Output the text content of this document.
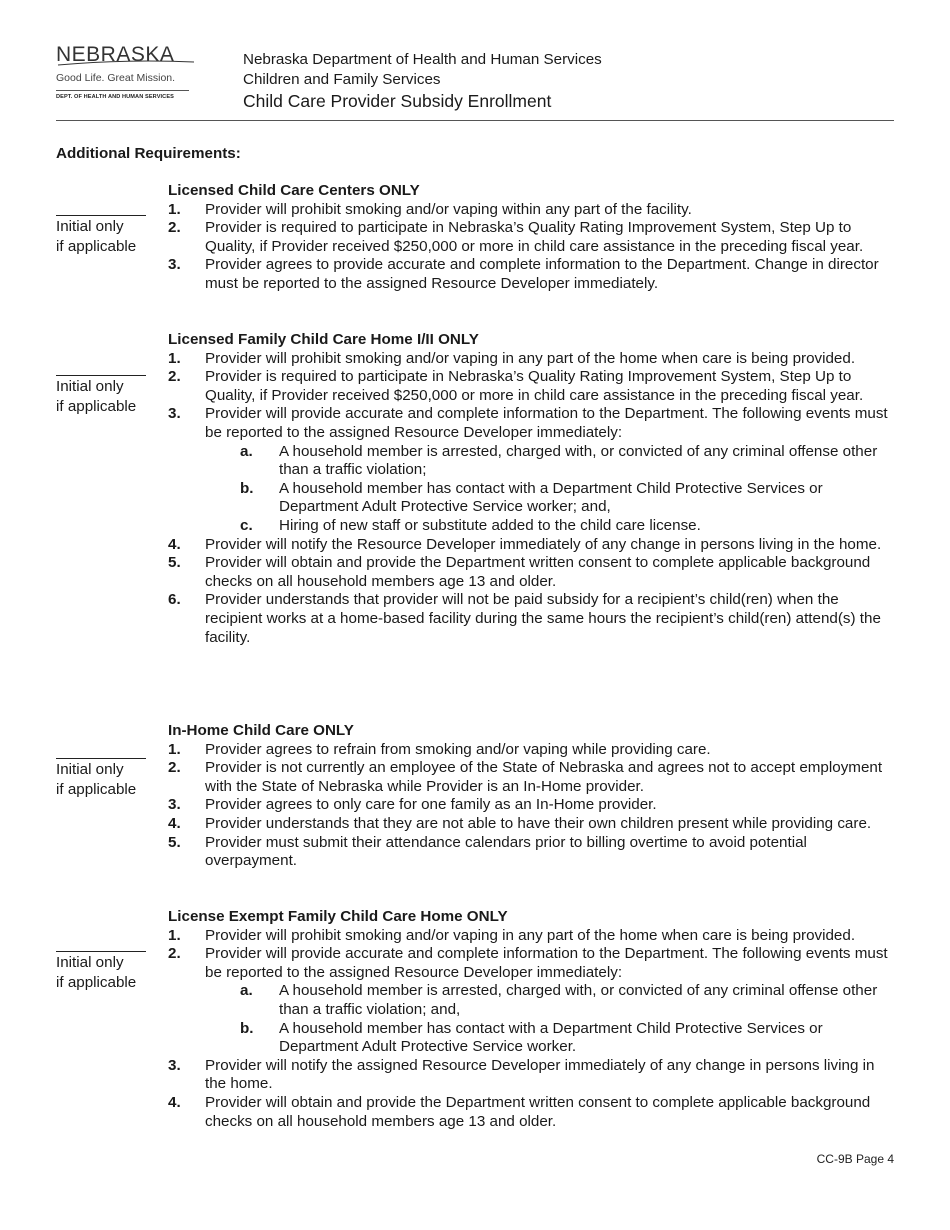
NEBRASKA
Good Life. Great Mission.
DEPT. OF HEALTH AND HUMAN SERVICES
Nebraska Department of Health and Human Services
Children and Family Services
Child Care Provider Subsidy Enrollment
Additional Requirements:
Initial only
if applicable
Initial only
if applicable
Initial only
if applicable
Initial only
if applicable
Licensed Child Care Centers ONLY
1. Provider will prohibit smoking and/or vaping within any part of the facility.
2. Provider is required to participate in Nebraska’s Quality Rating Improvement System, Step Up to Quality, if Provider received $250,000 or more in child care assistance in the preceding fiscal year.
3. Provider agrees to provide accurate and complete information to the Department. Change in director must be reported to the assigned Resource Developer immediately.
Licensed Family Child Care Home I/II ONLY
1. Provider will prohibit smoking and/or vaping in any part of the home when care is being provided.
2. Provider is required to participate in Nebraska’s Quality Rating Improvement System, Step Up to Quality, if Provider received $250,000 or more in child care assistance in the preceding fiscal year.
3. Provider will provide accurate and complete information to the Department. The following events must be reported to the assigned Resource Developer immediately:
a. A household member is arrested, charged with, or convicted of any criminal offense other than a traffic violation;
b. A household member has contact with a Department Child Protective Services or Department Adult Protective Service worker; and,
c. Hiring of new staff or substitute added to the child care license.
4. Provider will notify the Resource Developer immediately of any change in persons living in the home.
5. Provider will obtain and provide the Department written consent to complete applicable background checks on all household members age 13 and older.
6. Provider understands that provider will not be paid subsidy for a recipient’s child(ren) when the recipient works at a home-based facility during the same hours the recipient’s child(ren) attend(s) the facility.
In-Home Child Care ONLY
1. Provider agrees to refrain from smoking and/or vaping while providing care.
2. Provider is not currently an employee of the State of Nebraska and agrees not to accept employment with the State of Nebraska while Provider is an In-Home provider.
3. Provider agrees to only care for one family as an In-Home provider.
4. Provider understands that they are not able to have their own children present while providing care.
5. Provider must submit their attendance calendars prior to billing overtime to avoid potential overpayment.
License Exempt Family Child Care Home ONLY
1. Provider will prohibit smoking and/or vaping in any part of the home when care is being provided.
2. Provider will provide accurate and complete information to the Department. The following events must be reported to the assigned Resource Developer immediately:
a. A household member is arrested, charged with, or convicted of any criminal offense other than a traffic violation; and,
b. A household member has contact with a Department Child Protective Services or Department Adult Protective Service worker.
3. Provider will notify the assigned Resource Developer immediately of any change in persons living in the home.
4. Provider will obtain and provide the Department written consent to complete applicable background checks on all household members age 13 and older.
CC-9B Page 4
